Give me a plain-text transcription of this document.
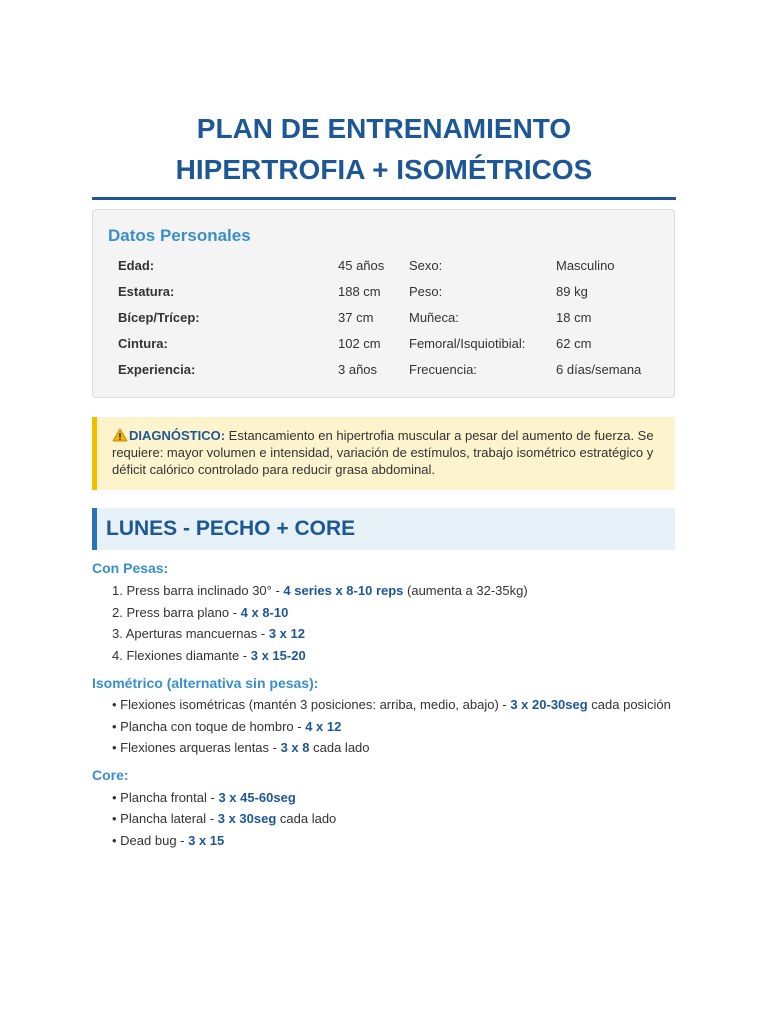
PLAN DE ENTRENAMIENTO
HIPERTROFIA + ISOMÉTRICOS
Datos Personales
Edad:	45 años Sexo:	Masculino
Estatura:	188 cm Peso:	89 kg
Bícep/Trícep:	37 cm	Muñeca:	18 cm
Cintura:	102 cm Femoral/Isquiotibial: 62 cm
Experiencia:	3 años Frecuencia:	6 días/semana
DIAGNÓSTICO: Estancamiento en hipertrofia muscular a pesar del aumento de fuerza. Se requiere: mayor volumen e intensidad, variación de estímulos, trabajo isométrico estratégico y déficit calórico controlado para reducir grasa abdominal.
LUNES - PECHO + CORE
Con Pesas:
1. Press barra inclinado 30° - 4 series x 8-10 reps (aumenta a 32-35kg)
2. Press barra plano - 4 x 8-10
3. Aperturas mancuernas - 3 x 12
4. Flexiones diamante - 3 x 15-20
Isométrico (alternativa sin pesas):
• Flexiones isométricas (mantén 3 posiciones: arriba, medio, abajo) - 3 x 20-30seg cada posición
• Plancha con toque de hombro - 4 x 12
• Flexiones arqueras lentas - 3 x 8 cada lado
Core:
• Plancha frontal - 3 x 45-60seg
• Plancha lateral - 3 x 30seg cada lado
• Dead bug - 3 x 15
